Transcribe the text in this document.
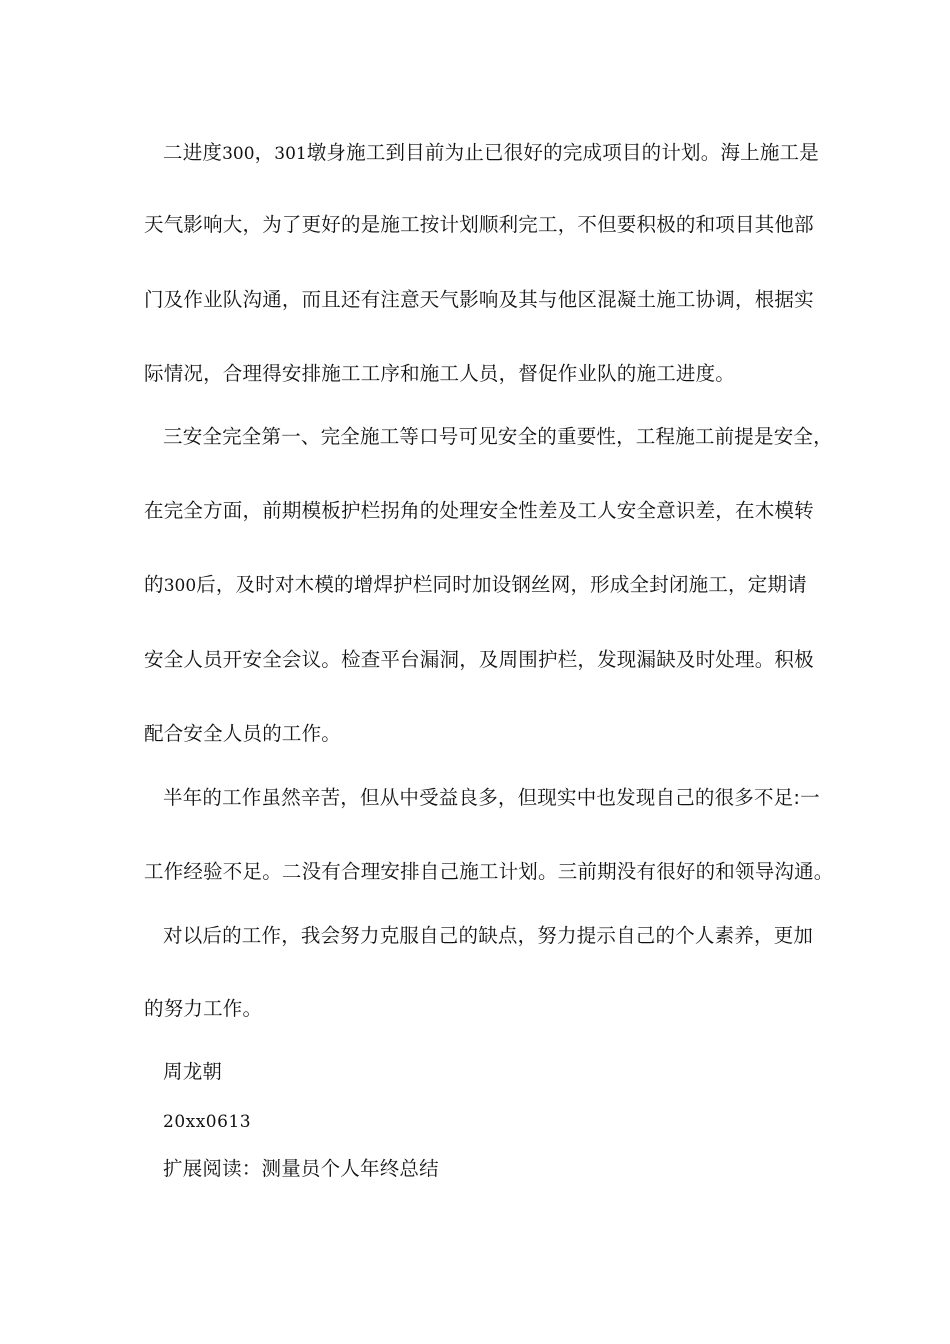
二进度300，301墩身施工到目前为止已很好的完成项目的计划。海上施工是
天气影响大，为了更好的是施工按计划顺利完工，不但要积极的和项目其他部
门及作业队沟通，而且还有注意天气影响及其与他区混凝土施工协调，根据实
际情况，合理得安排施工工序和施工人员，督促作业队的施工进度。
三安全完全第一、完全施工等口号可见安全的重要性，工程施工前提是安全，
在完全方面，前期模板护栏拐角的处理安全性差及工人安全意识差，在木模转
的300后，及时对木模的增焊护栏同时加设钢丝网，形成全封闭施工，定期请
安全人员开安全会议。检查平台漏洞，及周围护栏，发现漏缺及时处理。积极
配合安全人员的工作。
半年的工作虽然辛苦，但从中受益良多，但现实中也发现自己的很多不足:一
工作经验不足。二没有合理安排自己施工计划。三前期没有很好的和领导沟通。
对以后的工作，我会努力克服自己的缺点，努力提示自己的个人素养，更加
的努力工作。
周龙朝
20xx0613
扩展阅读：测量员个人年终总结
